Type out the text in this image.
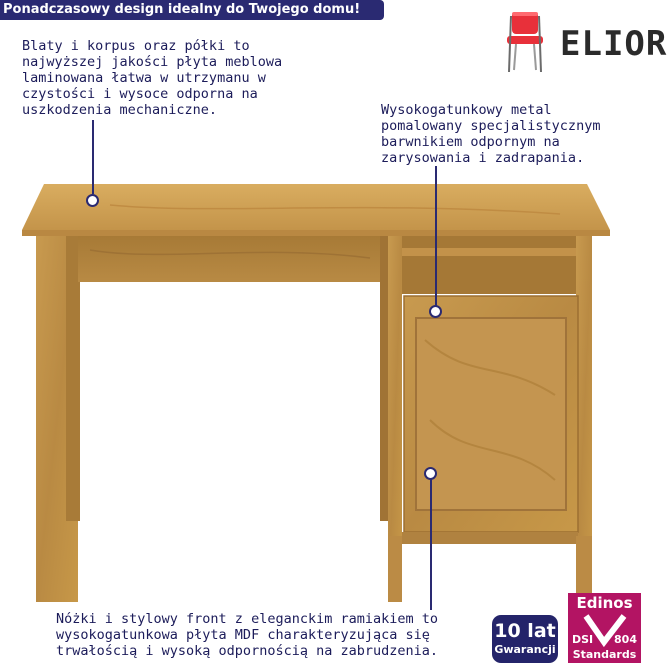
Ponadczasowy design idealny do Twojego domu!
ELIOR
Blaty i korpus oraz półki to
najwyższej jakości płyta meblowa
laminowana łatwa w utrzymanu w
czystości i wysoce odporna na
uszkodzenia mechaniczne.	Wysokogatunkowy metal
pomalowany specjalistycznym
barwnikiem odpornym na
zarysowania i zadrapania.
Nóżki i stylowy front z eleganckim ramiakiem to
wysokogatunkowa płyta MDF charakteryzująca się
trwałością i wysoką odpornością na zabrudzenia.
10 lat
Gwarancji
Edinos
DSI 804
Standards
